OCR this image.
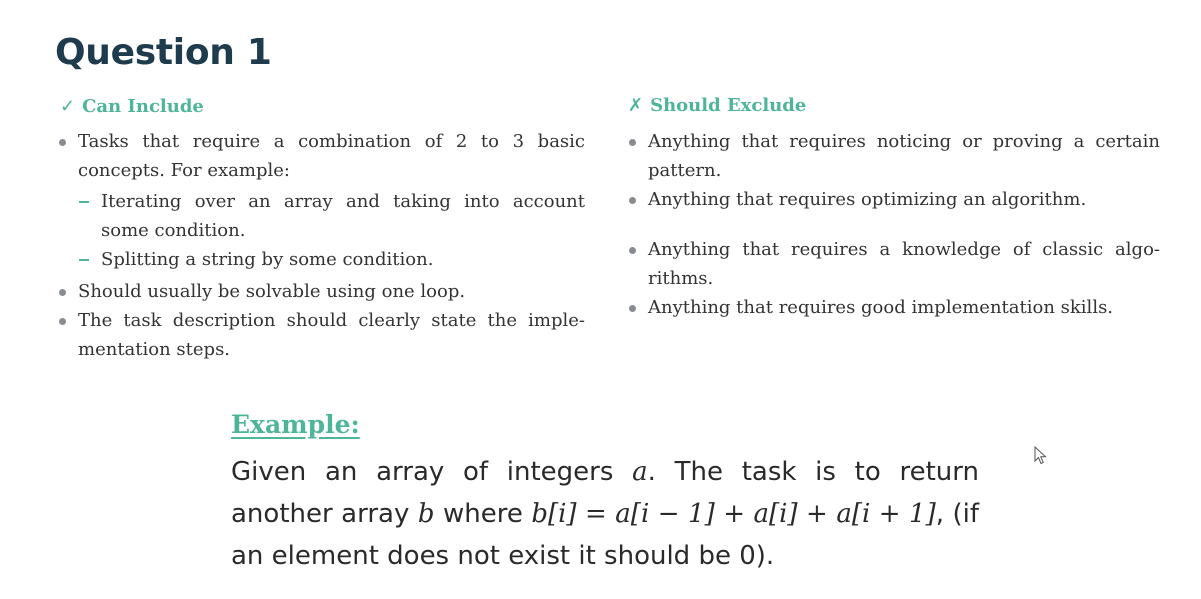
Question 1
✓ Can Include
Tasks that require a combination of 2 to 3 basic concepts. For example:
Iterating over an array and taking into account some condition.
Splitting a string by some condition.
Should usually be solvable using one loop.
The task description should clearly state the imple-mentation steps.
✗ Should Exclude
Anything that requires noticing or proving a certain pattern.
Anything that requires optimizing an algorithm.
Anything that requires a knowledge of classic algo-rithms.
Anything that requires good implementation skills.
Example:
Given an array of integers a. The task is to return another array b where b[i] = a[i − 1] + a[i] + a[i + 1], (if an element does not exist it should be 0).
